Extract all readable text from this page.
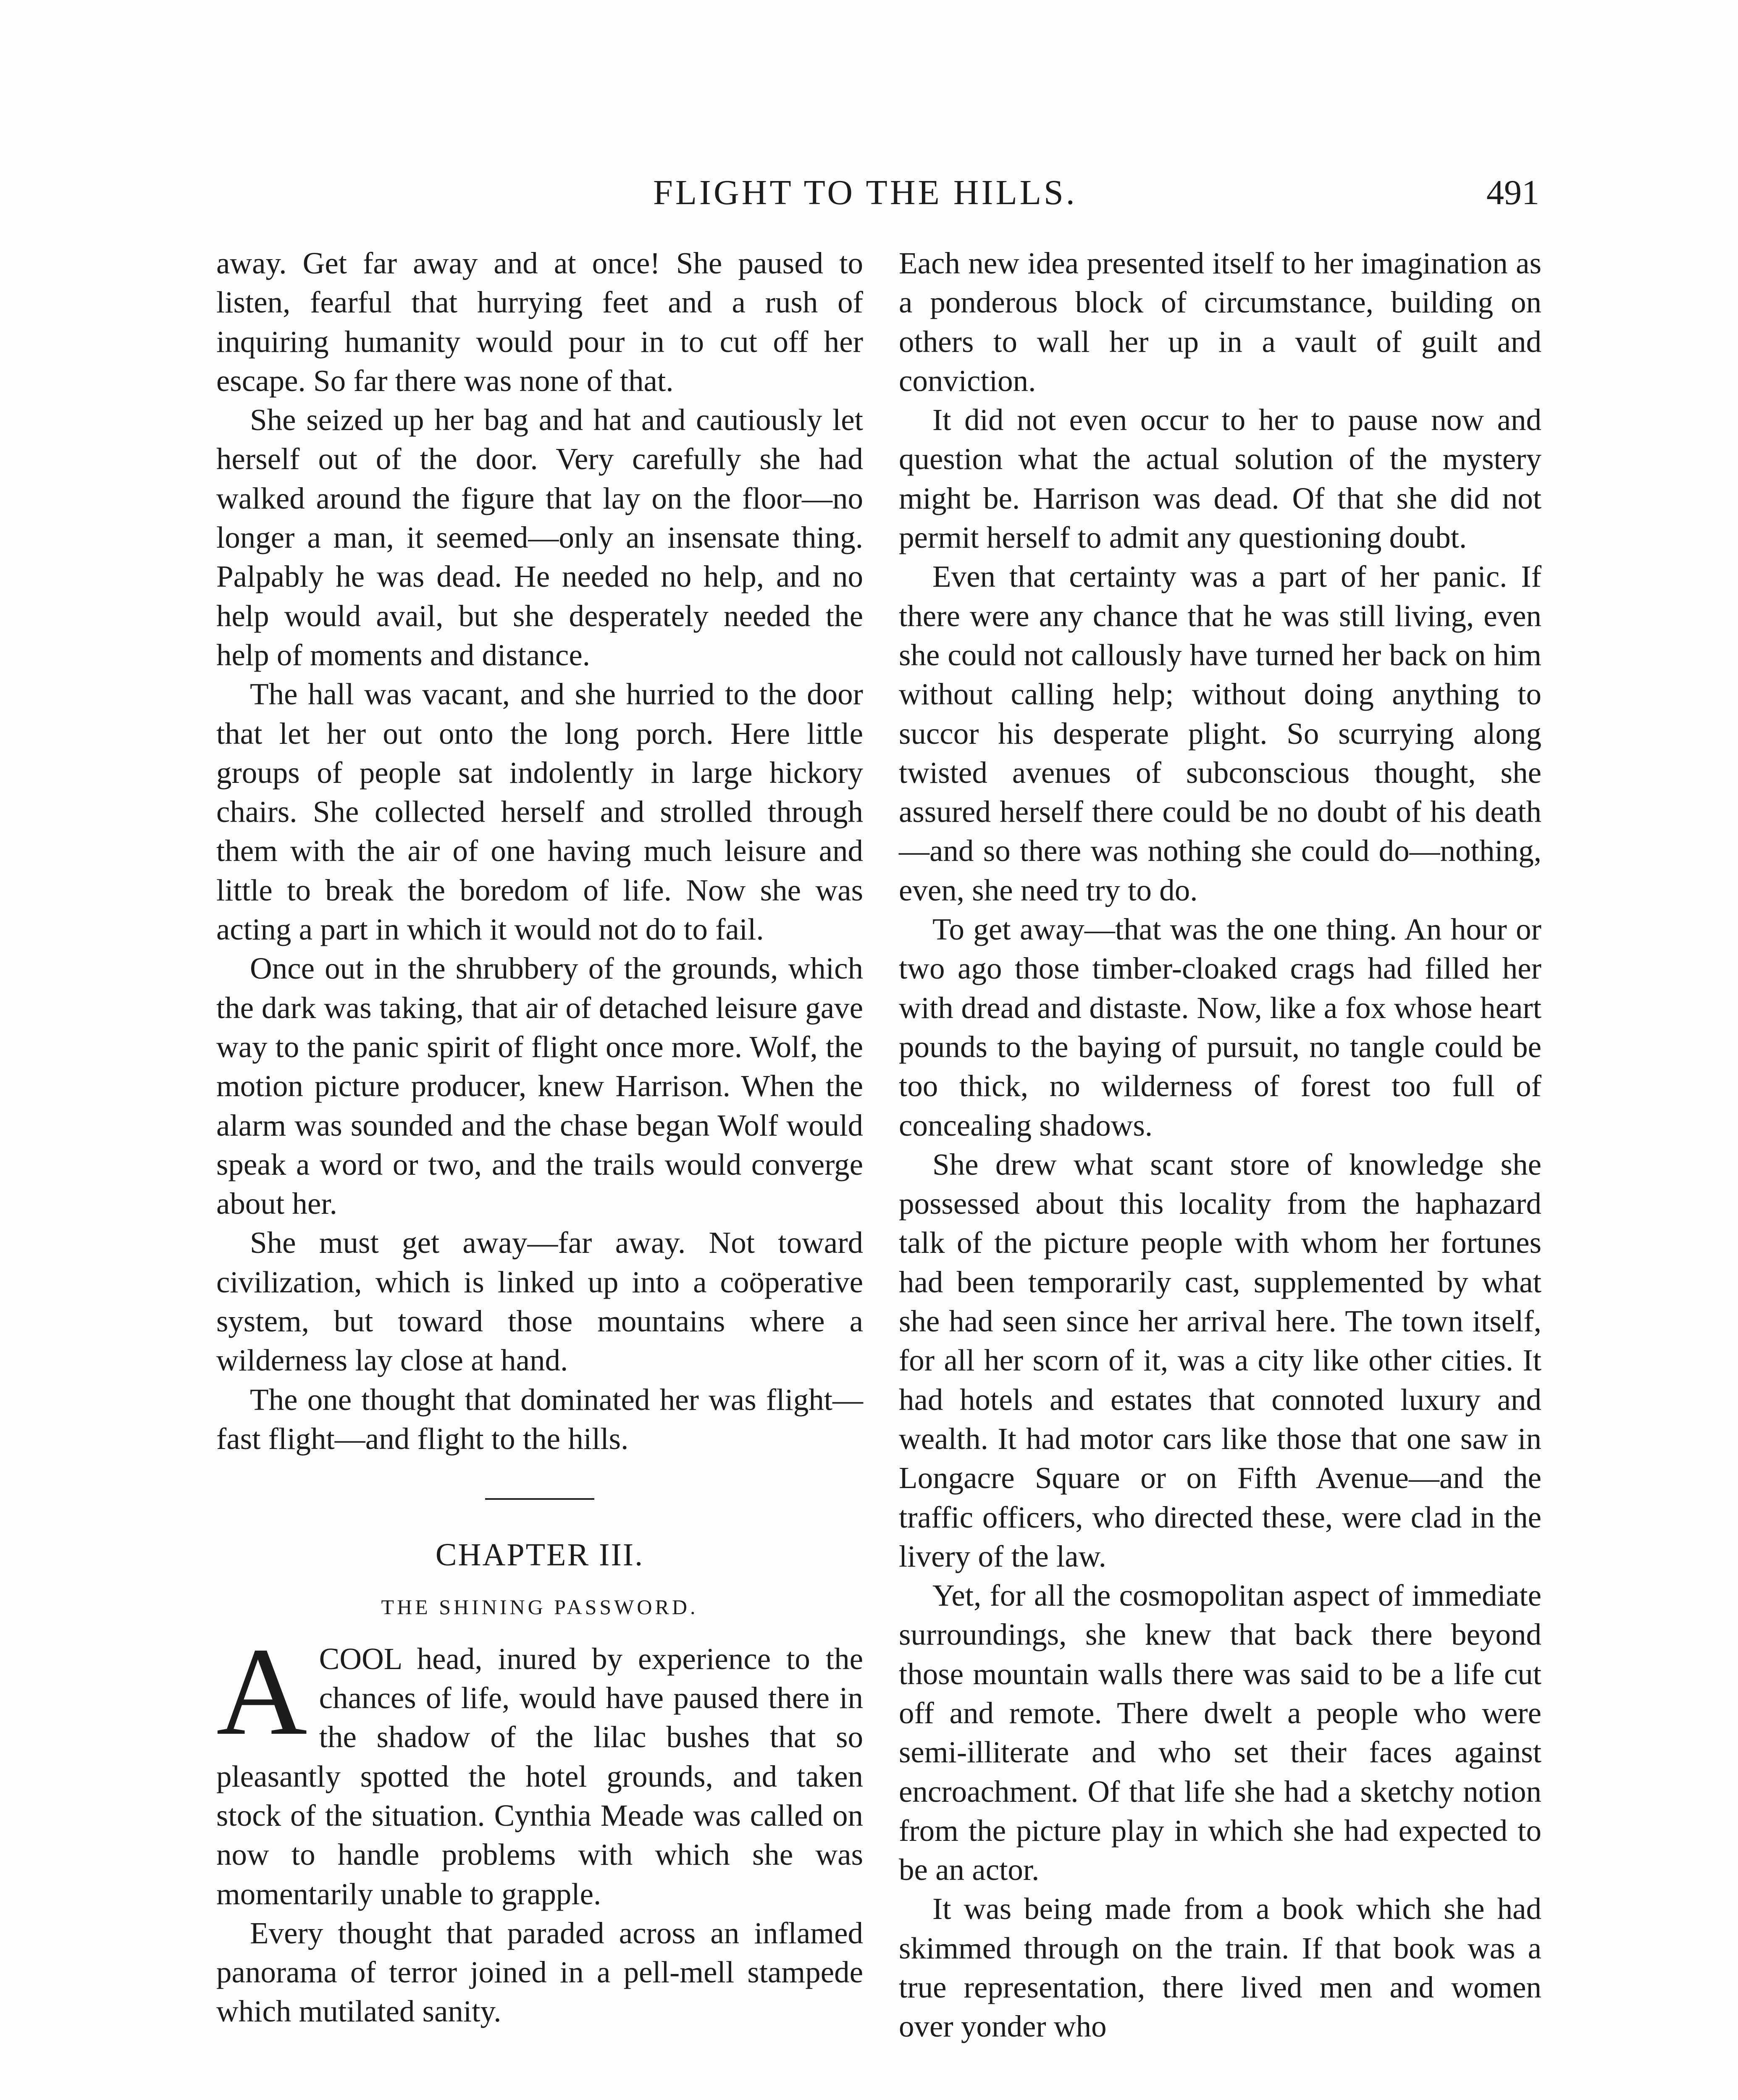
FLIGHT TO THE HILLS.	491

away. Get far away and at once! She paused to listen, fearful that hurrying feet and a rush of inquiring humanity would pour in to cut off her escape. So far there was none of that.

She seized up her bag and hat and cautiously let herself out of the door. Very carefully she had walked around the figure that lay on the floor—no longer a man, it seemed—only an insensate thing. Palpably he was dead. He needed no help, and no help would avail, but she desperately needed the help of moments and distance.

The hall was vacant, and she hurried to the door that let her out onto the long porch. Here little groups of people sat indolently in large hickory chairs. She collected herself and strolled through them with the air of one having much leisure and little to break the boredom of life. Now she was acting a part in which it would not do to fail.

Once out in the shrubbery of the grounds, which the dark was taking, that air of detached leisure gave way to the panic spirit of flight once more. Wolf, the motion picture producer, knew Harrison. When the alarm was sounded and the chase began Wolf would speak a word or two, and the trails would converge about her.

She must get away—far away. Not toward civilization, which is linked up into a coöperative system, but toward those mountains where a wilderness lay close at hand.

The one thought that dominated her was flight—fast flight—and flight to the hills.

CHAPTER III.
THE SHINING PASSWORD.

ACOOL head, inured by experience to the chances of life, would have paused there in the shadow of the lilac bushes that so pleasantly spotted the hotel grounds, and taken stock of the situation. Cynthia Meade was called on now to handle problems with which she was momentarily unable to grapple.

Every thought that paraded across an inflamed panorama of terror joined in a pell-mell stampede which mutilated sanity.

Each new idea presented itself to her imagination as a ponderous block of circumstance, building on others to wall her up in a vault of guilt and conviction.

It did not even occur to her to pause now and question what the actual solution of the mystery might be. Harrison was dead. Of that she did not permit herself to admit any questioning doubt.

Even that certainty was a part of her panic. If there were any chance that he was still living, even she could not callously have turned her back on him without calling help; without doing anything to succor his desperate plight. So scurrying along twisted avenues of subconscious thought, she assured herself there could be no doubt of his death—and so there was nothing she could do—nothing, even, she need try to do.

To get away—that was the one thing. An hour or two ago those timber-cloaked crags had filled her with dread and distaste. Now, like a fox whose heart pounds to the baying of pursuit, no tangle could be too thick, no wilderness of forest too full of concealing shadows.

She drew what scant store of knowledge she possessed about this locality from the haphazard talk of the picture people with whom her fortunes had been temporarily cast, supplemented by what she had seen since her arrival here. The town itself, for all her scorn of it, was a city like other cities. It had hotels and estates that connoted luxury and wealth. It had motor cars like those that one saw in Longacre Square or on Fifth Avenue—and the traffic officers, who directed these, were clad in the livery of the law.

Yet, for all the cosmopolitan aspect of immediate surroundings, she knew that back there beyond those mountain walls there was said to be a life cut off and remote. There dwelt a people who were semi-illiterate and who set their faces against encroachment. Of that life she had a sketchy notion from the picture play in which she had expected to be an actor.

It was being made from a book which she had skimmed through on the train. If that book was a true representation, there lived men and women over yonder who
